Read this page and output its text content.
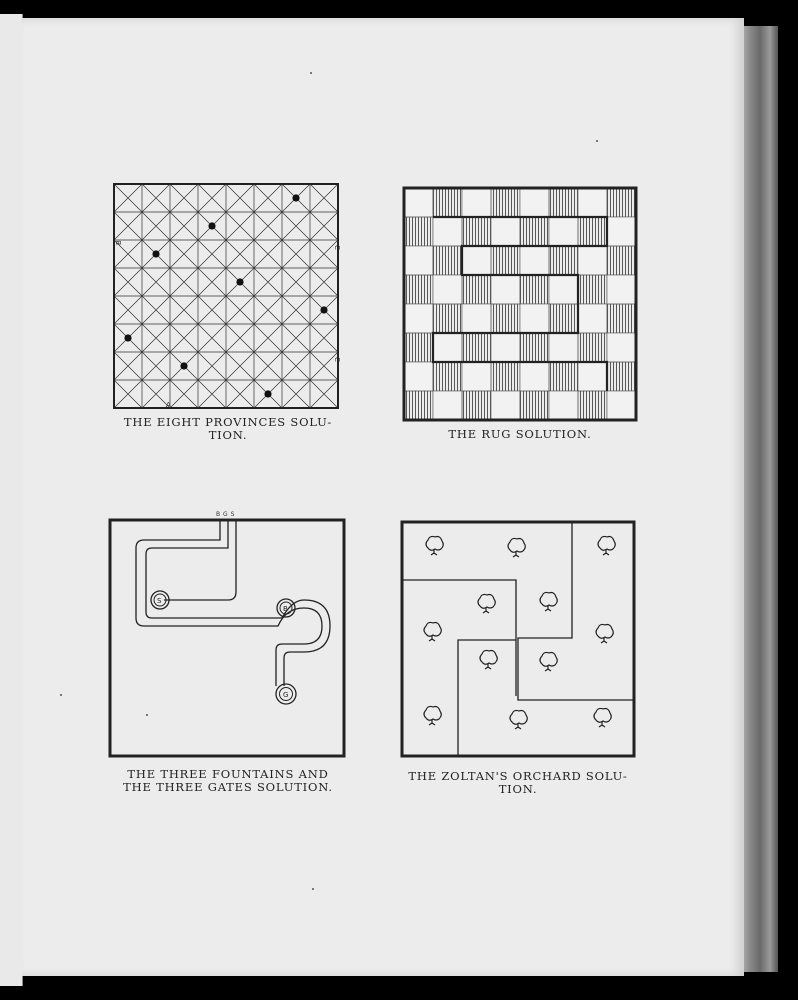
B
C
C
A
THE EIGHT PROVINCES SOLU-
TION.	THE RUG SOLUTION.
B G S
S
B
G
THE THREE FOUNTAINS AND
THE THREE GATES SOLUTION.
THE ZOLTAN'S ORCHARD SOLU-
TION.
